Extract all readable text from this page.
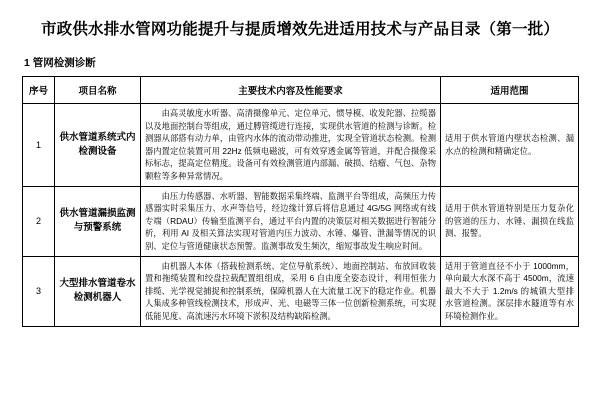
市政供水排水管网功能提升与提质增效先进适用技术与产品目录（第一批）
1 管网检测诊断
序号	项目名称	主要技术内容及性能要求	适用范围
1	供水管道系统式内检测设备	由高灵敏度水听器、高清摄像单元、定位单元、惯导模、收发陀器、拉缆器以及地面控制台等组成，通过膊管缆进行连接，实现供水管道的检测与诊断。检测器从部搭有动力单，由管内水体的流动带动推进，实现全管道状态检测。检测器内置定位装置可用 22Hz 低频电磁波，可有效穿透金属等管道，并配合摄像采标标志，提高定位精度。设备可有效检测管道内部漏、破损、结瘤、气包、杂物颗粒等多种异常情况。	适用于供水管道内壁状态检测、漏水点的检测和精确定位。

2	供水管道漏损监测与预警系统	由压力传感器、水听器、智能数据采集终端、监测平台等组成，高频压力传感器实时采集压力、水声等信号，经边缘计算后将信息通过 4G/5G 网络或有线专端（RDAU）传输至监测平台，通过平台内置的决策层对相关数据进行智能分析，利用 AI 及相关算法实现对管道内压力波动、水锤、爆管、泄漏等情况的识别、定位与管道健康状态预警。监测事故发生频次，缩短事故发生响应时间。	适用于供水管道特别是压力复杂化的管道的压力、水锤、漏损在线监测、报警。

3	大型排水管道卷水检测机器人	由机器人本体（搭载检测系统、定位导航系统）、地面控制站、布放回收装置和拖缆装置和绞盘拉载配置组组成，采用 6 自由度全姿态设计，利用恒张力排缆、光学视觉捕捉和控制系统，保障机器人在大流量工况下的稳定作业。机器人集成多种管线检测技术，形成声、光、电磁等三体一位创新检测系统，可实现低能见度、高流速污水环境下淤积及结构缺陷检测。	适用于管道直径不小于 1000mm，单向最大水深不高于 4500m，流速最大不大于 1.2m/s 的城镇大型排水管道检测。深层排水隧道等有水环境检测作业。
